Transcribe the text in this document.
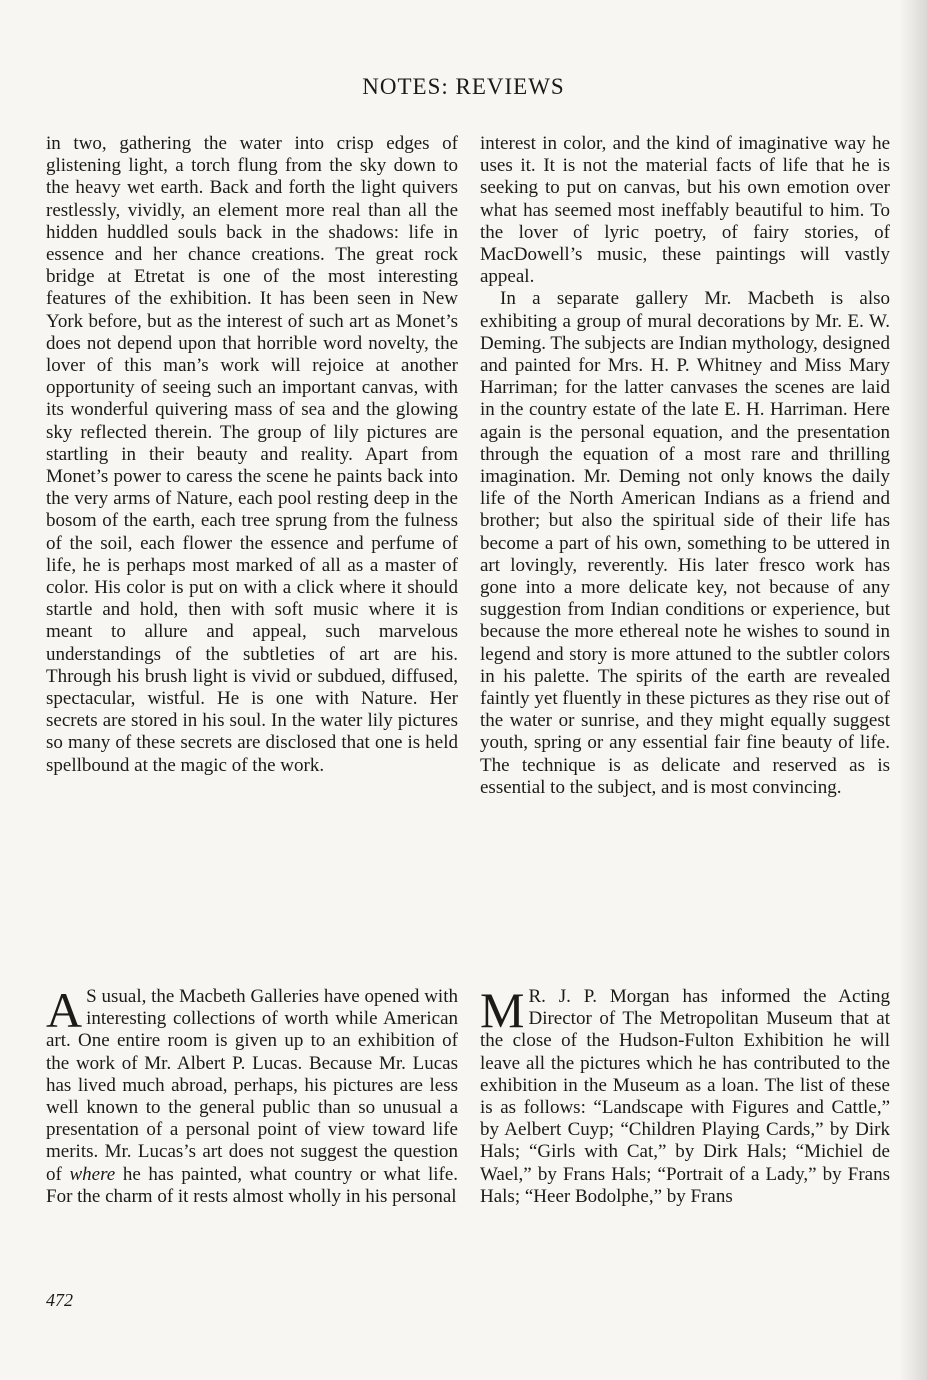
NOTES: REVIEWS

in two, gathering the water into crisp edges of glistening light, a torch flung from the sky down to the heavy wet earth. Back and forth the light quivers restlessly, vividly, an element more real than all the hidden huddled souls back in the shadows: life in essence and her chance creations. The great rock bridge at Etretat is one of the most interesting features of the exhibition. It has been seen in New York before, but as the interest of such art as Monet’s does not depend upon that horrible word novelty, the lover of this man’s work will rejoice at another opportunity of seeing such an important canvas, with its wonderful quivering mass of sea and the glowing sky reflected therein. The group of lily pictures are startling in their beauty and reality. Apart from Monet’s power to caress the scene he paints back into the very arms of Nature, each pool resting deep in the bosom of the earth, each tree sprung from the fulness of the soil, each flower the essence and perfume of life, he is perhaps most marked of all as a master of color. His color is put on with a click where it should startle and hold, then with soft music where it is meant to allure and appeal, such marvelous understandings of the subtleties of art are his. Through his brush light is vivid or subdued, diffused, spectacular, wistful. He is one with Nature. Her secrets are stored in his soul. In the water lily pictures so many of these secrets are disclosed that one is held spellbound at the magic of the work.

A S usual, the Macbeth Galleries have opened with interesting collections of worth while American art. One entire room is given up to an exhibition of the work of Mr. Albert P. Lucas. Because Mr. Lucas has lived much abroad, perhaps, his pictures are less well known to the general public than so unusual a presentation of a personal point of view toward life merits. Mr. Lucas’s art does not suggest the question of where he has painted, what country or what life. For the charm of it rests almost wholly in his personal

interest in color, and the kind of imaginative way he uses it. It is not the material facts of life that he is seeking to put on canvas, but his own emotion over what has seemed most ineffably beautiful to him. To the lover of lyric poetry, of fairy stories, of MacDowell’s music, these paintings will vastly appeal.

In a separate gallery Mr. Macbeth is also exhibiting a group of mural decorations by Mr. E. W. Deming. The subjects are Indian mythology, designed and painted for Mrs. H. P. Whitney and Miss Mary Harriman; for the latter canvases the scenes are laid in the country estate of the late E. H. Harriman. Here again is the personal equation, and the presentation through the equation of a most rare and thrilling imagination. Mr. Deming not only knows the daily life of the North American Indians as a friend and brother; but also the spiritual side of their life has become a part of his own, something to be uttered in art lovingly, reverently. His later fresco work has gone into a more delicate key, not because of any suggestion from Indian conditions or experience, but because the more ethereal note he wishes to sound in legend and story is more attuned to the subtler colors in his palette. The spirits of the earth are revealed faintly yet fluently in these pictures as they rise out of the water or sunrise, and they might equally suggest youth, spring or any essential fair fine beauty of life. The technique is as delicate and reserved as is essential to the subject, and is most convincing.

M R. J. P. Morgan has informed the Acting Director of The Metropolitan Museum that at the close of the Hudson-Fulton Exhibition he will leave all the pictures which he has contributed to the exhibition in the Museum as a loan. The list of these is as follows: “Landscape with Figures and Cattle,” by Aelbert Cuyp; “Children Playing Cards,” by Dirk Hals; “Girls with Cat,” by Dirk Hals; “Michiel de Wael,” by Frans Hals; “Portrait of a Lady,” by Frans Hals; “Heer Bodolphe,” by Frans
472
